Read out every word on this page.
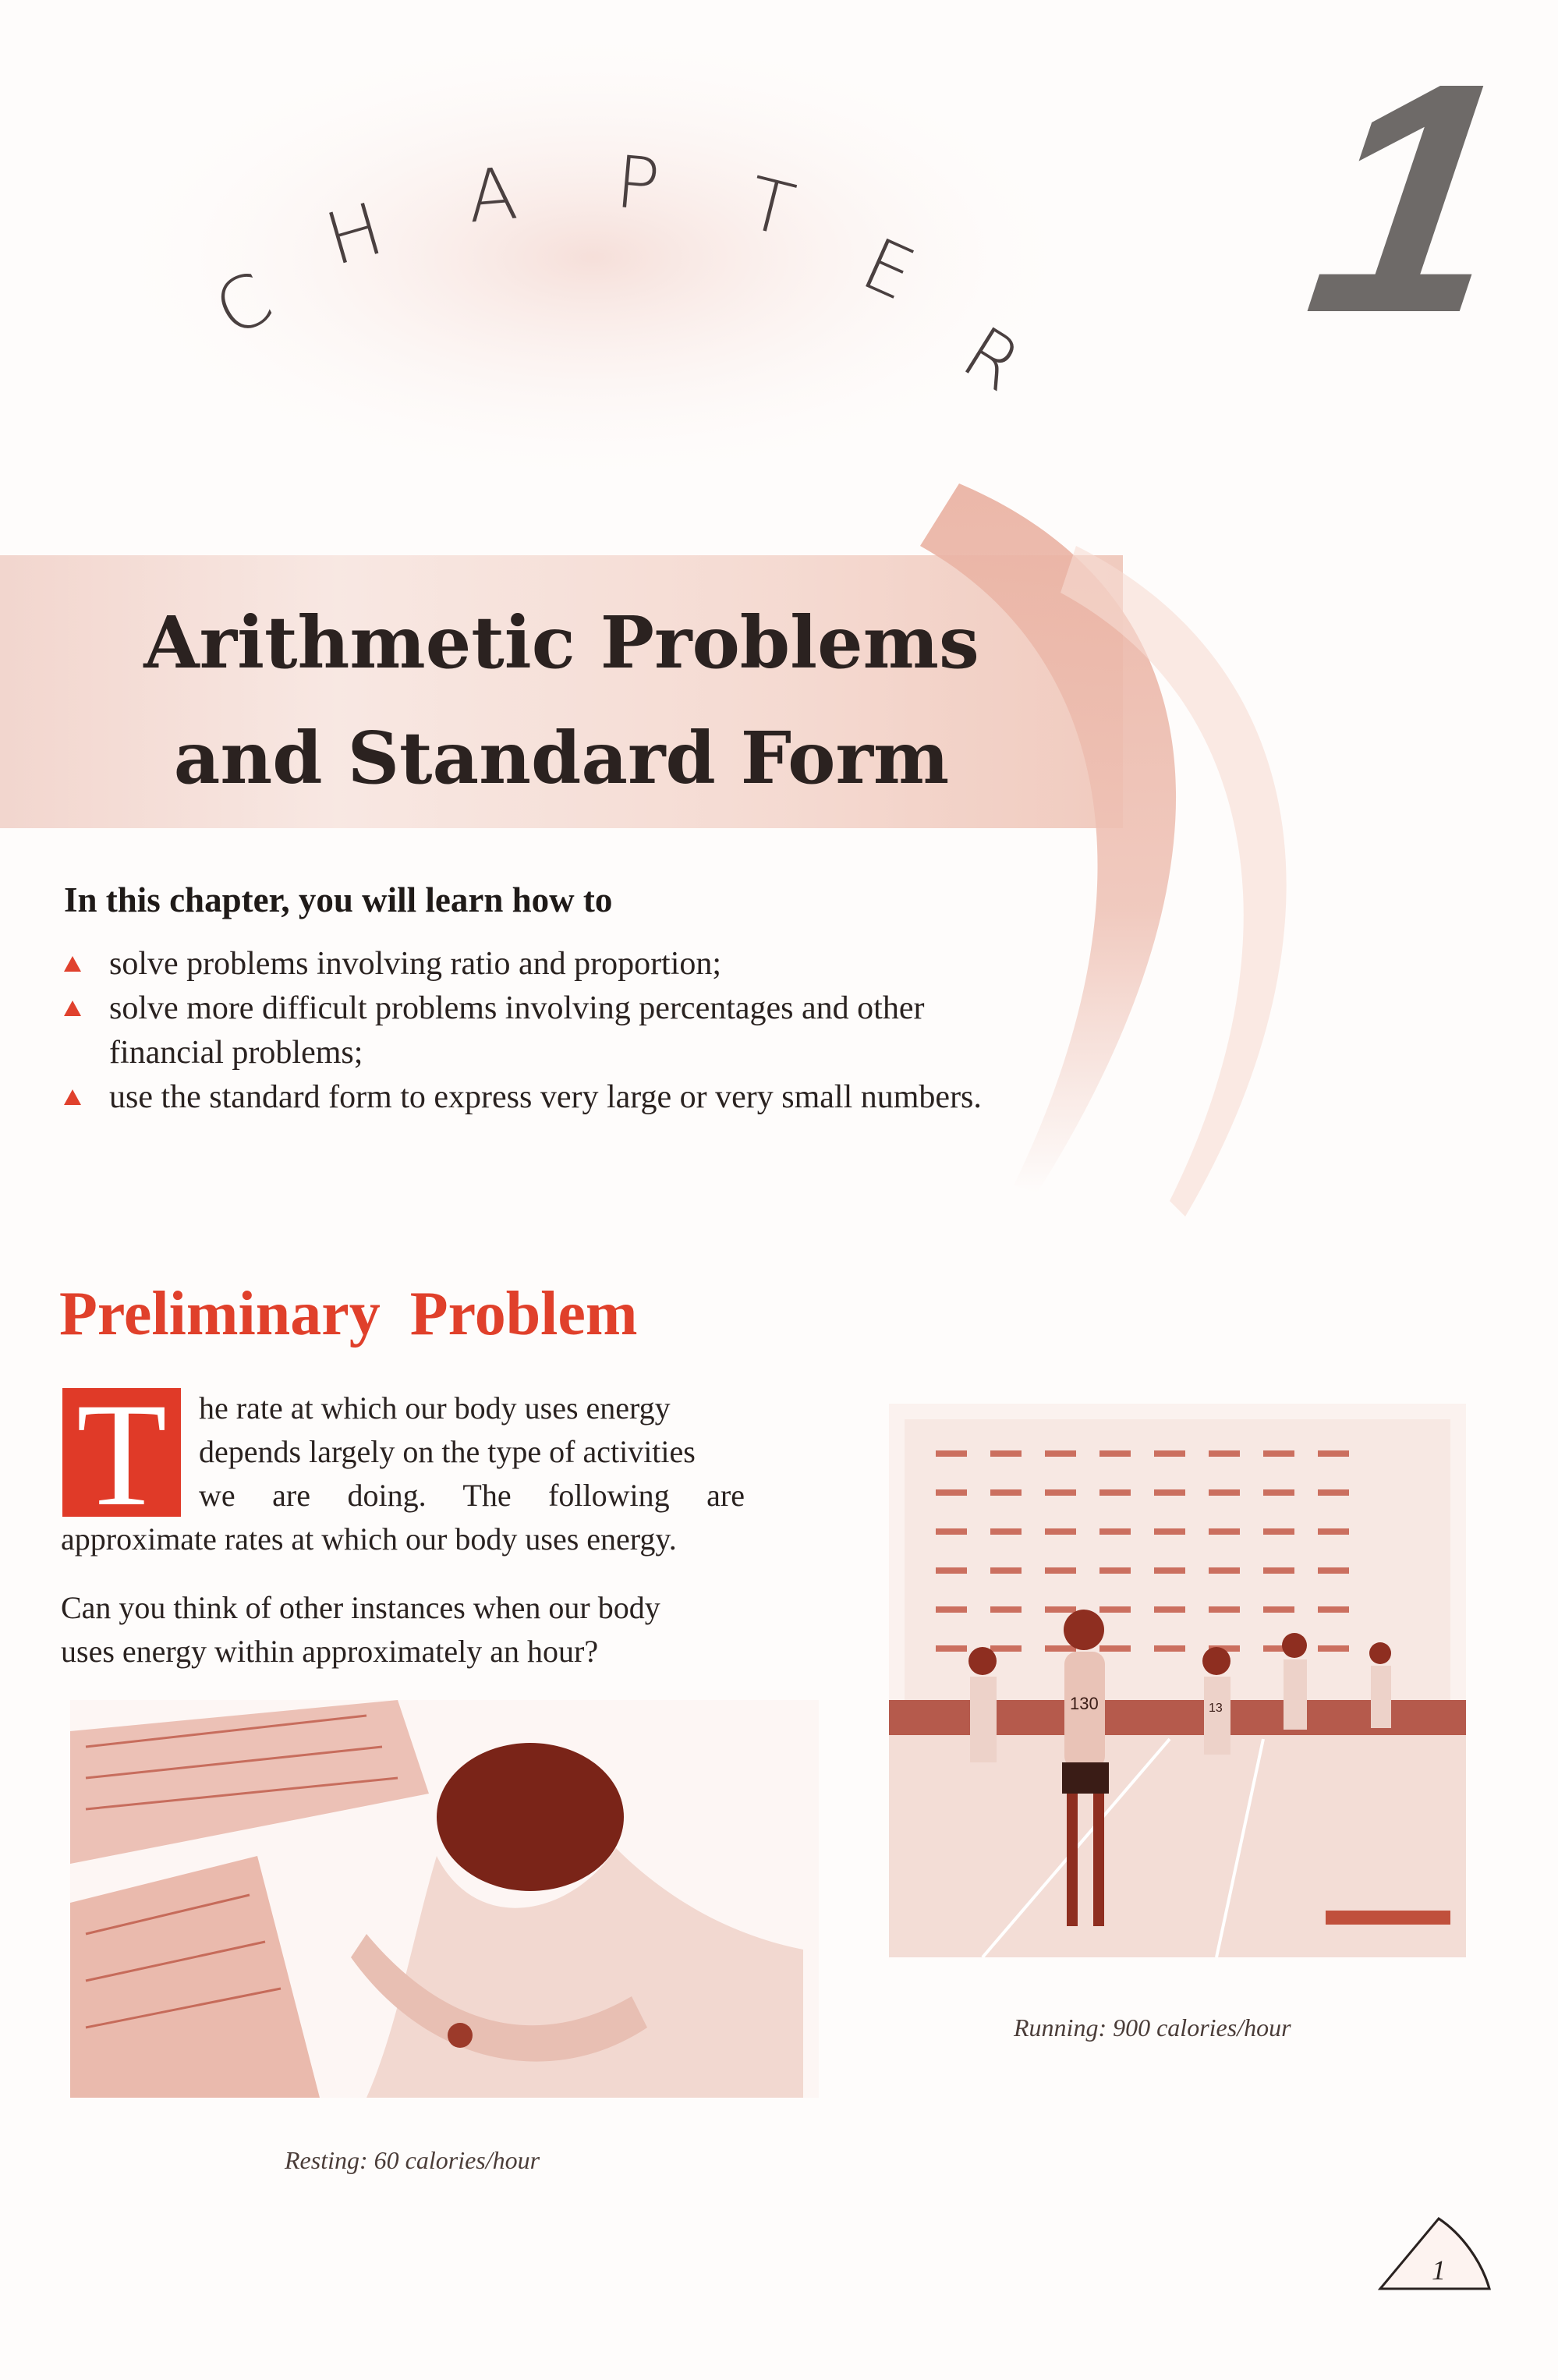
C
H A P T
E
R 1
Arithmetic Problems
and Standard Form
In this chapter, you will learn how to
solve problems involving ratio and proportion;
solve more difficult problems involving percentages and other financial problems;
use the standard form to express very large or very small numbers.
Preliminary Problem
T he rate at which our body uses energy
depends largely on the type of activities
we are doing. The following are
approximate rates at which our body uses energy.
Can you think of other instances when our body
uses energy within approximately an hour?
130	13
Running: 900 calories/hour
Resting: 60 calories/hour
1
